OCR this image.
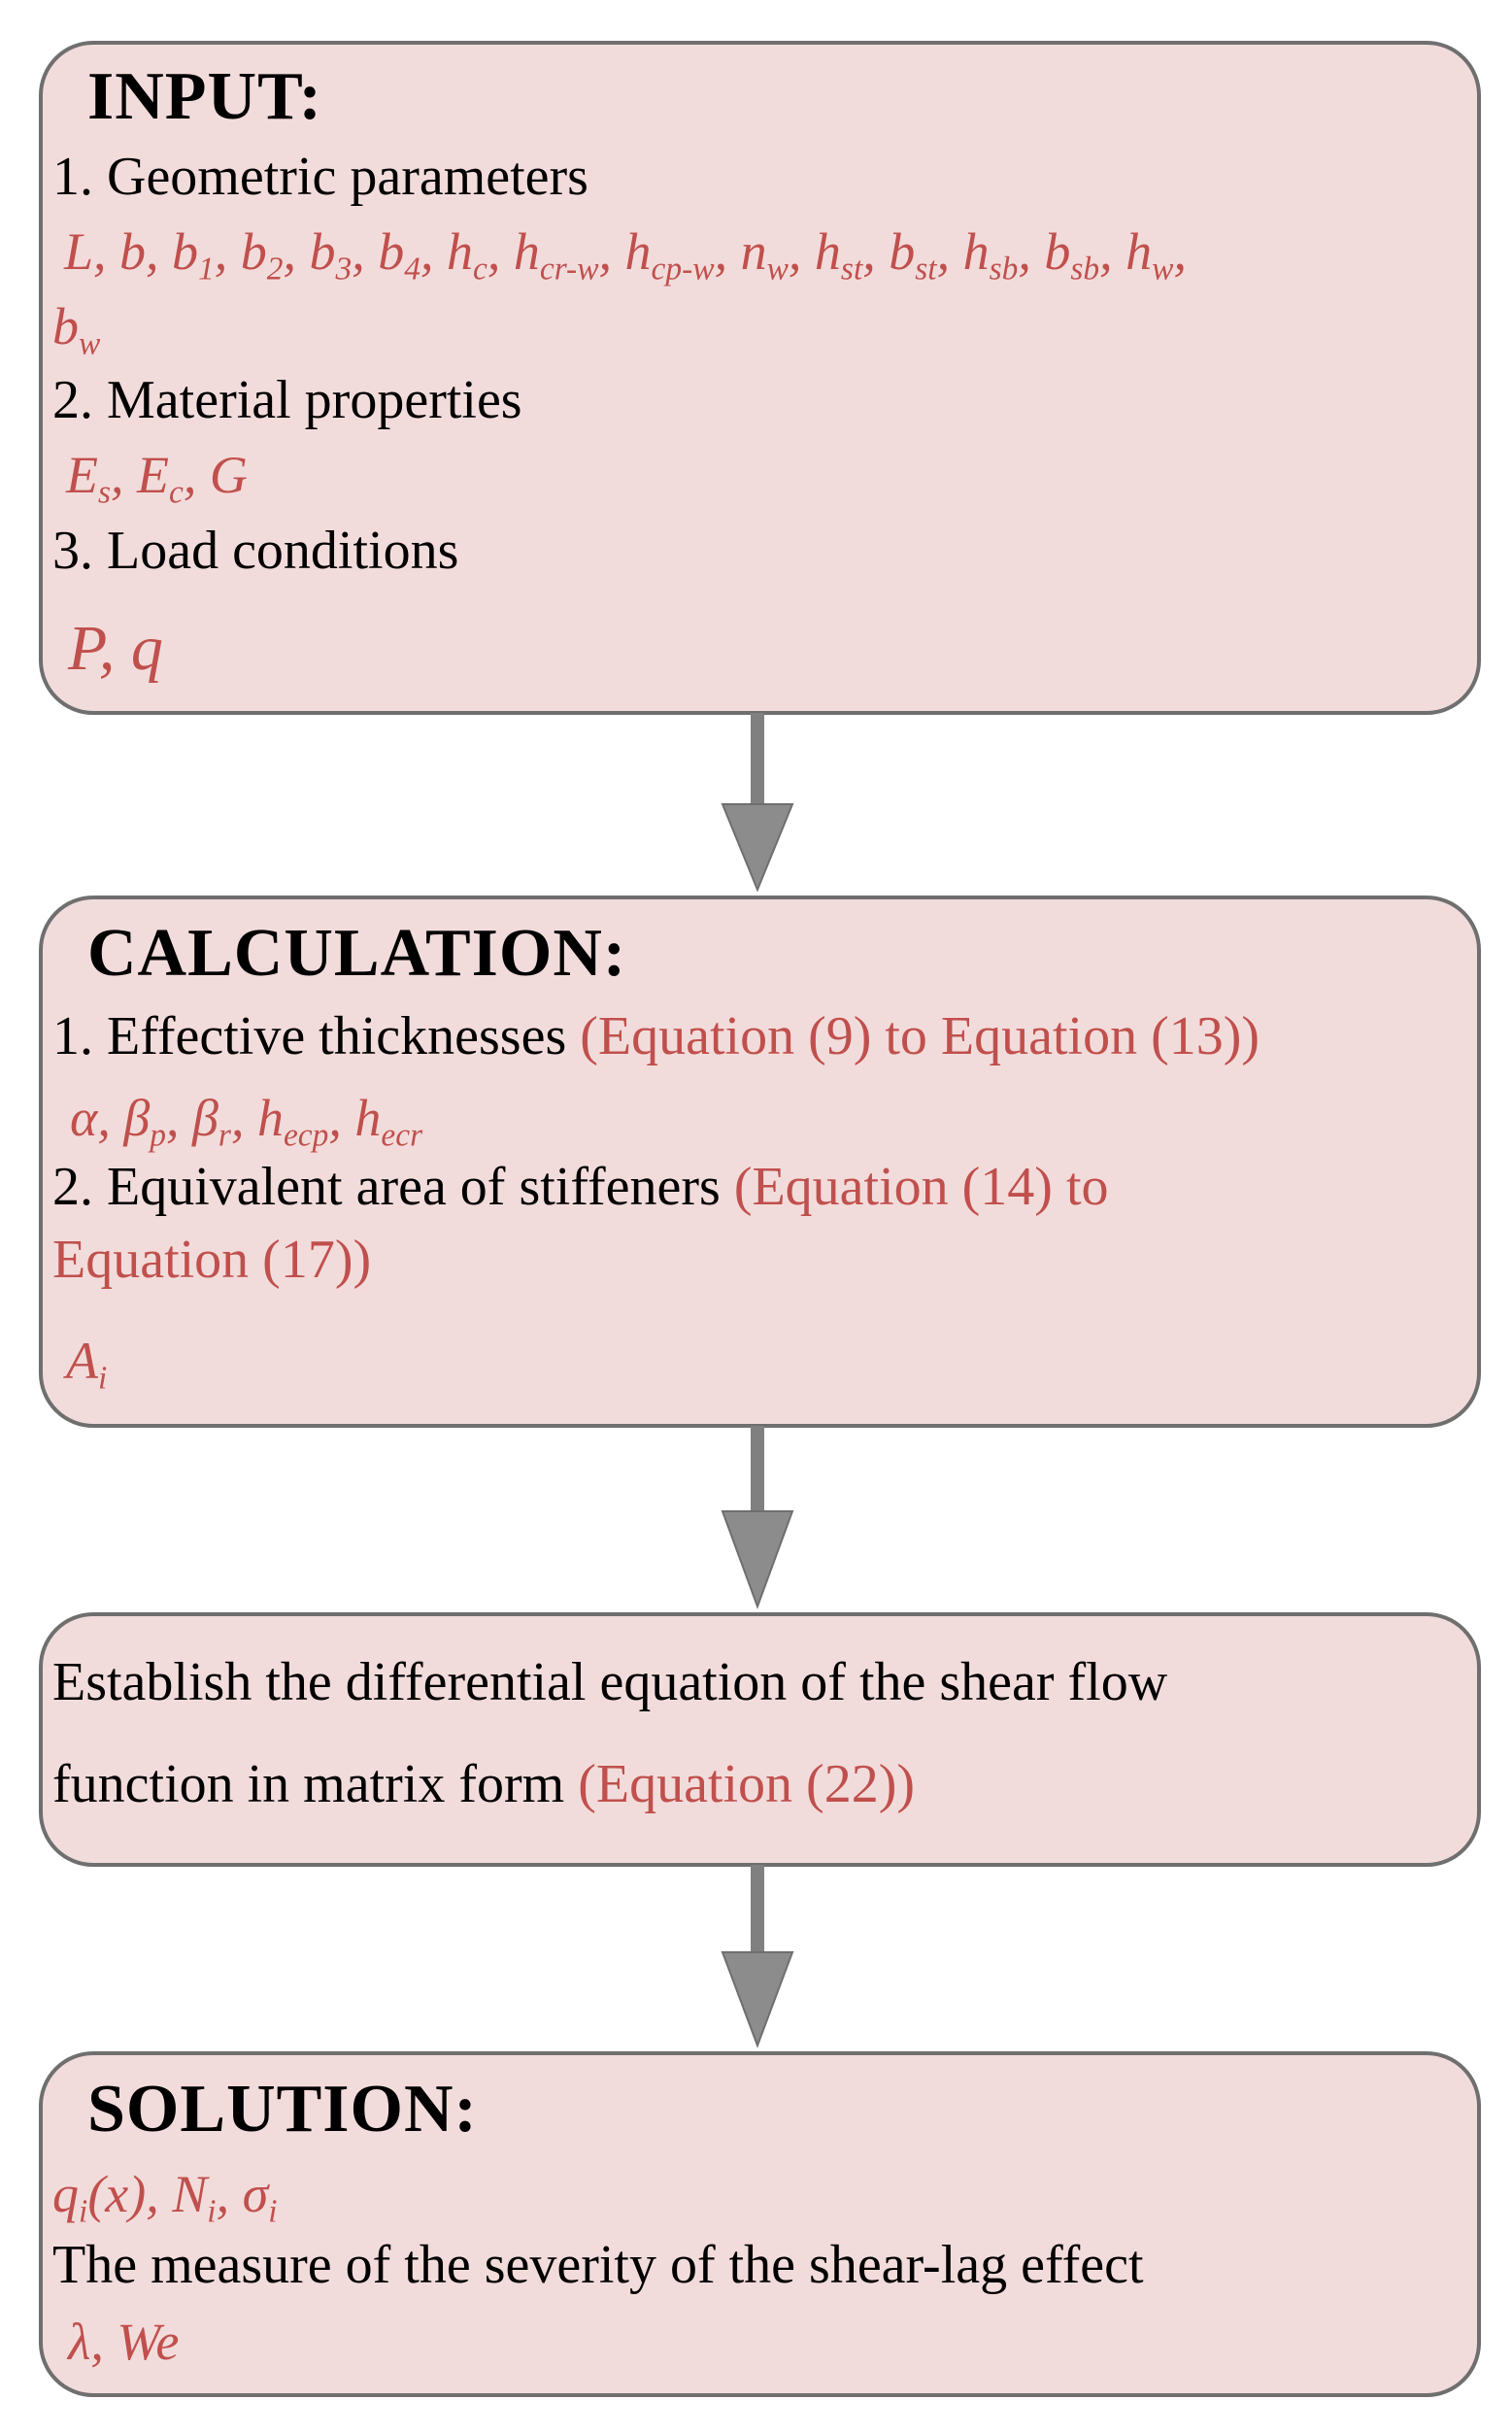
INPUT:
1. Geometric parameters
L, b, $b_1$, $b_2$, $b_3$, $b_4$, $h_c$, $h_{cr-w}$, $h_{cp-w}$, $n_w$, $h_{st}$, $b_{st}$, $h_{sb}$, $b_{sb}$, $h_w$,
$b_w$
2. Material properties
$E_s$, $E_c$, G
3. Load conditions
P, q
CALCULATION:
1. Effective thicknesses (Equation (9) to Equation (13))
α, $\beta_p$, $\beta_r$, $h_{ecp}$, $h_{ecr}$
2. Equivalent area of stiffeners (Equation (14) to
Equation (17))
$A_i$
Establish the differential equation of the shear flow
function in matrix form (Equation (22))
SOLUTION:
$q_i(x)$, $N_i$, $\sigma_i$
The measure of the severity of the shear-lag effect
λ, We
